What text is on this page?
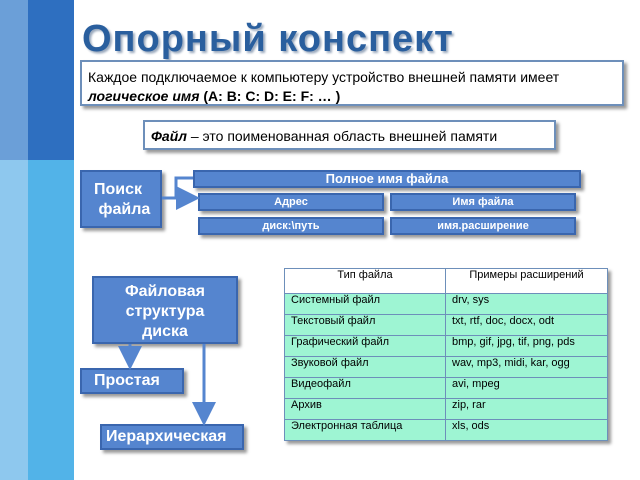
Опорный конспект
Каждое подключаемое к компьютеру устройство внешней памяти имеет
логическое имя (A: B: C: D: E: F: … )
Файл – это поименованная область внешней памяти
Поиск
файла
Полное имя файла
Адрес	Имя файла
диск:\путь	имя.расширение
Файловая
структура
диска
Простая
Иерархическая
Тип файла	Примеры расширений
Системный файл	drv, sys
Текстовый файл	txt, rtf, doc, docx, odt
Графический файл	bmp, gif, jpg, tif, png, pds
Звуковой файл	wav, mp3, midi, kar, ogg
Видеофайл	avi, mpeg
Архив	zip, rar
Электронная таблица	xls, ods
